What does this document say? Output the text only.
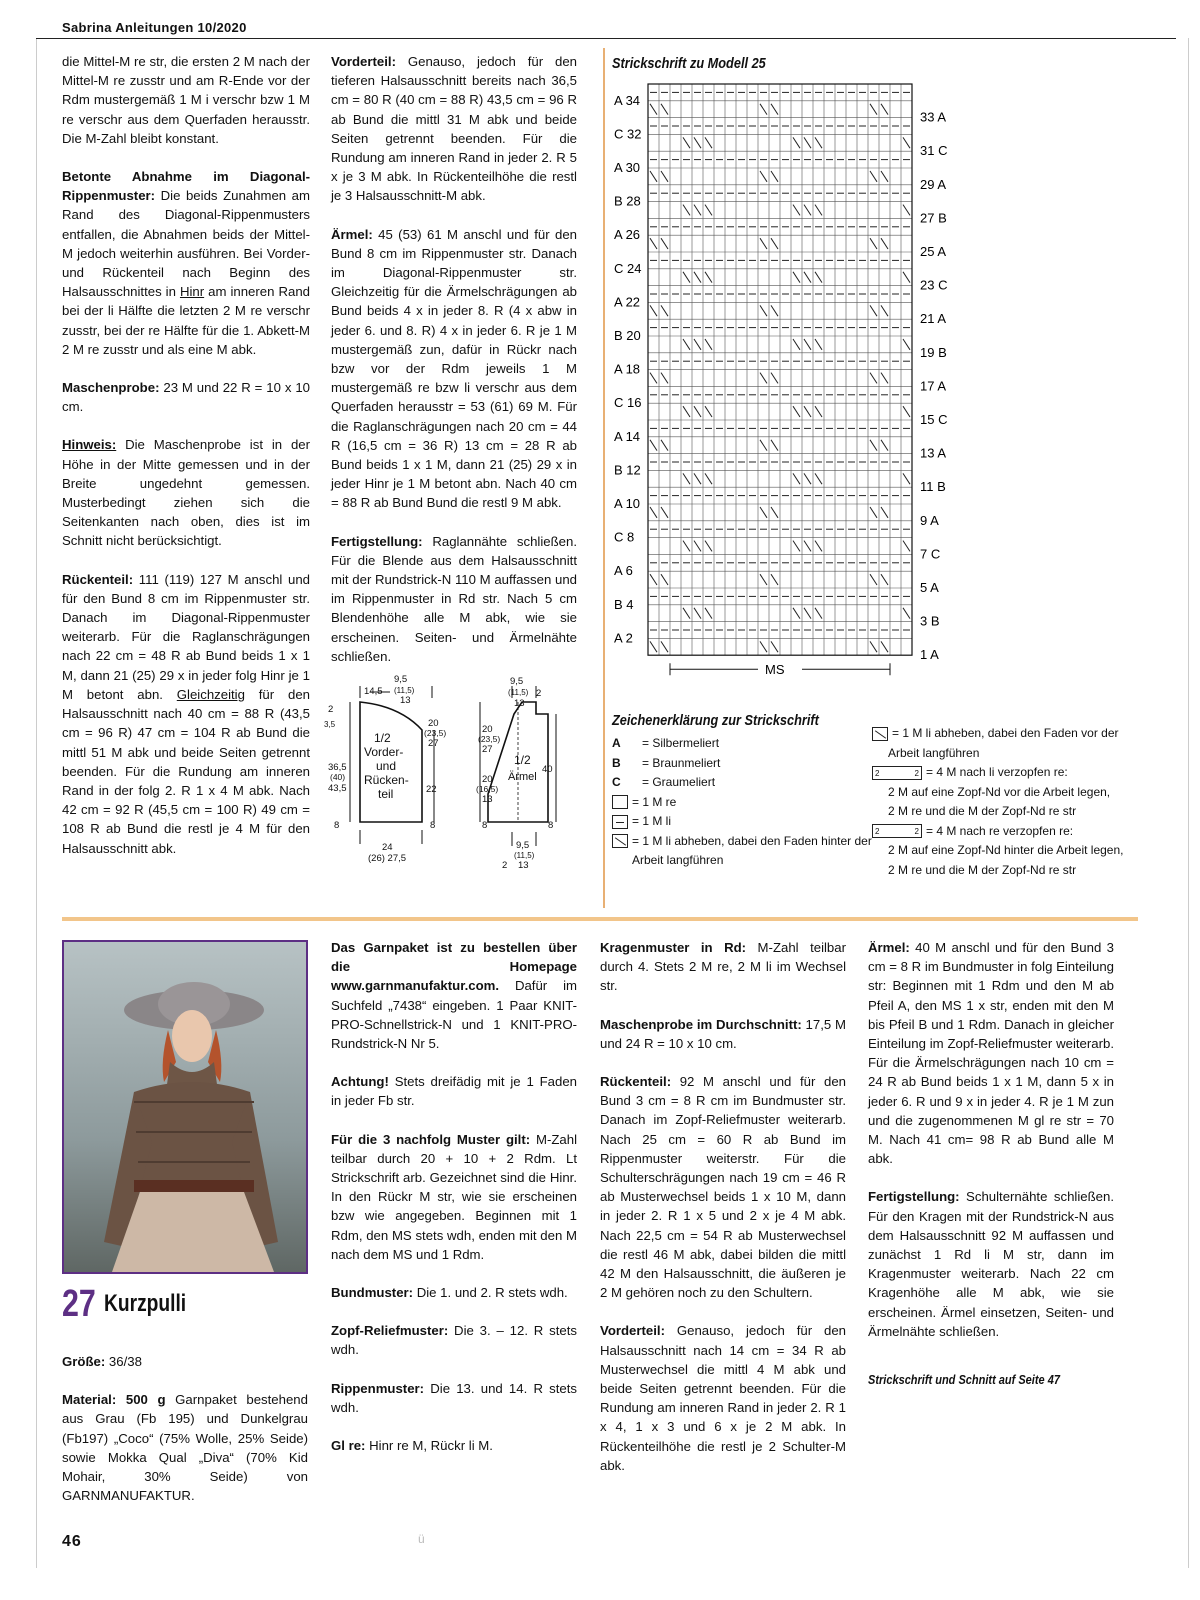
Sabrina Anleitungen 10/2020

die Mittel-M re str, die ersten 2 M nach der Mittel-M re zusstr und am R-Ende vor der Rdm mustergemäß 1 M i verschr bzw 1 M re verschr aus dem Querfaden herausstr. Die M-Zahl bleibt konstant.

Betonte Abnahme im Diagonal-Rippenmuster: Die beids Zunahmen am Rand des Diagonal-Rippenmusters entfallen, die Abnahmen beids der Mittel-M jedoch weiterhin ausführen. Bei Vorder- und Rückenteil nach Beginn des Halsausschnittes in Hinr am inneren Rand bei der li Hälfte die letzten 2 M re verschr zusstr, bei der re Hälfte für die 1. Abkett-M 2 M re zusstr und als eine M abk.

Maschenprobe: 23 M und 22 R = 10 x 10 cm.

Hinweis: Die Maschenprobe ist in der Höhe in der Mitte gemessen und in der Breite ungedehnt gemessen. Musterbedingt ziehen sich die Seitenkanten nach oben, dies ist im Schnitt nicht berücksichtigt.

Rückenteil: 111 (119) 127 M anschl und für den Bund 8 cm im Rippenmuster str. Danach im Diagonal-Rippenmuster weiterarb. Für die Raglanschrägungen nach 22 cm = 48 R ab Bund beids 1 x 1 M, dann 21 (25) 29 x in jeder folg Hinr je 1 M betont abn. Gleichzeitig für den Halsausschnitt nach 40 cm = 88 R (43,5 cm = 96 R) 47 cm = 104 R ab Bund die mittl 51 M abk und beide Seiten getrennt beenden. Für die Rundung am inneren Rand in der folg 2. R 1 x 4 M abk. Nach 42 cm = 92 R (45,5 cm = 100 R) 49 cm = 108 R ab Bund die restl je 4 M für den Halsausschnitt abk.

Vorderteil: Genauso, jedoch für den tieferen Halsausschnitt bereits nach 36,5 cm = 80 R (40 cm = 88 R) 43,5 cm = 96 R ab Bund die mittl 31 M abk und beide Seiten getrennt beenden. Für die Rundung am inneren Rand in jeder 2. R 5 x je 3 M abk. In Rückenteilhöhe die restl je 3 Halsausschnitt-M abk.

Ärmel: 45 (53) 61 M anschl und für den Bund 8 cm im Rippenmuster str. Danach im Diagonal-Rippenmuster str. Gleichzeitig für die Ärmelschrägungen ab Bund beids 4 x in jeder 8. R (4 x abw in jeder 6. und 8. R) 4 x in jeder 6. R je 1 M mustergemäß zun, dafür in Rückr nach bzw vor der Rdm jeweils 1 M mustergemäß re bzw li verschr aus dem Querfaden herausstr = 53 (61) 69 M. Für die Raglanschrägungen nach 20 cm = 44 R (16,5 cm = 36 R) 13 cm = 28 R ab Bund beids 1 x 1 M, dann 21 (25) 29 x in jeder Hinr je 1 M betont abn. Nach 40 cm = 88 R ab Bund Bund die restl 9 M abk.

Fertigstellung: Raglannähte schließen. Für die Blende aus dem Halsausschnitt mit der Rundstrick-N 110 M auffassen und im Rippenmuster in Rd str. Nach 5 cm Blendenhöhe alle M abk, wie sie erscheinen. Seiten- und Ärmelnähte schließen.

14,5
9,5
(11,5)
13
2
3,5	20
(23,5)
27
1/2
Vorder-
und
Rücken-
teil
36,5
(40)
43,5	22
8	8
24
(26) 27,5
9,5
(11,5) 2
13
20
(23,5)
27
1/2
Ärmel
20
(16,5)
13
40
8	8
9,5
(11,5)
2 13
Strickschrift zu Modell 25
A 34
C 32
A 30
B 28
A 26
C 24
A 22
B 20
A 18
C 16
A 14
B 12
A 10
C 8
A 6
B 4
A 2
33 A
31 C
29 A
27 B
25 A
23 C
21 A
19 B
17 A
15 C
13 A
11 B
9 A
7 C
5 A
3 B
1 A
MS
Zeichenerklärung zur Strickschrift
A	= Silbermeliert
B	= Braunmeliert
C	= Graumeliert
= 1 M re
= 1 M li
= 1 M li abheben, dabei den Faden hinter der
Arbeit langführen
= 1 M li abheben, dabei den Faden vor der
Arbeit langführen
2	2 = 4 M nach li verzopfen re:
2 M auf eine Zopf-Nd vor die Arbeit legen,
2 M re und die M der Zopf-Nd re str
2	2 = 4 M nach re verzopfen re:
2 M auf eine Zopf-Nd hinter die Arbeit legen,
2 M re und die M der Zopf-Nd re str
27 Kurzpulli

Größe: 36/38

Material: 500 g Garnpaket bestehend aus Grau (Fb 195) und Dunkelgrau (Fb197) „Coco“ (75% Wolle, 25% Seide) sowie Mokka Qual „Diva“ (70% Kid Mohair, 30% Seide) von GARNMANUFAKTUR.

Das Garnpaket ist zu bestellen über die Homepage www.garnmanufaktur.com. Dafür im Suchfeld „7438“ eingeben. 1 Paar KNIT-PRO-Schnellstrick-N und 1 KNIT-PRO-Rundstrick-N Nr 5.

Achtung! Stets dreifädig mit je 1 Faden in jeder Fb str.

Für die 3 nachfolg Muster gilt: M-Zahl teilbar durch 20 + 10 + 2 Rdm. Lt Strickschrift arb. Gezeichnet sind die Hinr. In den Rückr M str, wie sie erscheinen bzw wie angegeben. Beginnen mit 1 Rdm, den MS stets wdh, enden mit den M nach dem MS und 1 Rdm.

Bundmuster: Die 1. und 2. R stets wdh.

Zopf-Reliefmuster: Die 3. – 12. R stets wdh.

Rippenmuster: Die 13. und 14. R stets wdh.

Gl re: Hinr re M, Rückr li M.

Kragenmuster in Rd: M-Zahl teilbar durch 4. Stets 2 M re, 2 M li im Wechsel str.

Maschenprobe im Durchschnitt: 17,5 M und 24 R = 10 x 10 cm.

Rückenteil: 92 M anschl und für den Bund 3 cm = 8 R cm im Bundmuster str. Danach im Zopf-Reliefmuster weiterarb. Nach 25 cm = 60 R ab Bund im Rippenmuster weiterstr. Für die Schulterschrägungen nach 19 cm = 46 R ab Musterwechsel beids 1 x 10 M, dann in jeder 2. R 1 x 5 und 2 x je 4 M abk. Nach 22,5 cm = 54 R ab Musterwechsel die restl 46 M abk, dabei bilden die mittl 42 M den Halsausschnitt, die äußeren je 2 M gehören noch zu den Schultern.

Vorderteil: Genauso, jedoch für den Halsausschnitt nach 14 cm = 34 R ab Musterwechsel die mittl 4 M abk und beide Seiten getrennt beenden. Für die Rundung am inneren Rand in jeder 2. R 1 x 4, 1 x 3 und 6 x je 2 M abk. In Rückenteilhöhe die restl je 2 Schulter-M abk.

Ärmel: 40 M anschl und für den Bund 3 cm = 8 R im Bundmuster in folg Einteilung str: Beginnen mit 1 Rdm und den M ab Pfeil A, den MS 1 x str, enden mit den M bis Pfeil B und 1 Rdm. Danach in gleicher Einteilung im Zopf-Reliefmuster weiterarb. Für die Ärmelschrägungen nach 10 cm = 24 R ab Bund beids 1 x 1 M, dann 5 x in jeder 6. R und 9 x in jeder 4. R je 1 M zun und die zugenommenen M gl re str = 70 M. Nach 41 cm= 98 R ab Bund alle M abk.

Fertigstellung: Schulternähte schließen. Für den Kragen mit der Rundstrick-N aus dem Halsausschnitt 92 M auffassen und zunächst 1 Rd li M str, dann im Kragenmuster weiterarb. Nach 22 cm Kragenhöhe alle M abk, wie sie erscheinen. Ärmel einsetzen, Seiten- und Ärmelnähte schließen.

Strickschrift und Schnitt auf Seite 47
46	ü
